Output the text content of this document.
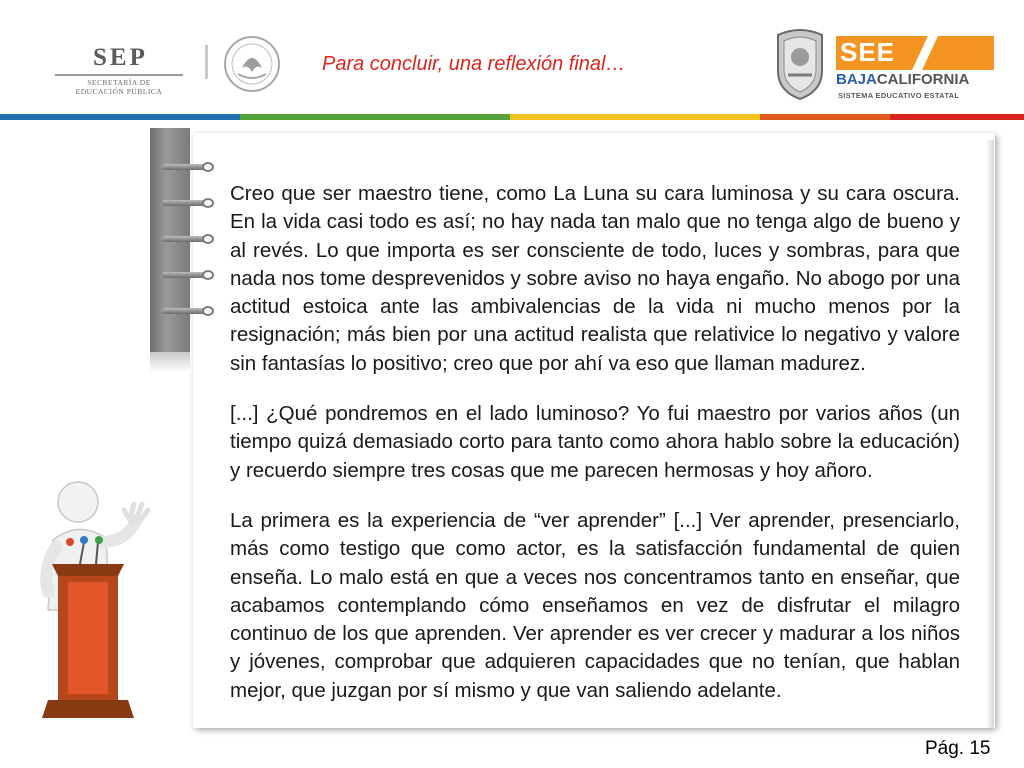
SEP
SECRETARÍA DE
EDUCACIÓN PÚBLICA
Para concluir, una reflexión final…	SEE
BAJACALIFORNIA
SISTEMA EDUCATIVO ESTATAL

Creo que ser maestro tiene, como La Luna su cara luminosa y su cara oscura. En la vida casi todo es así; no hay nada tan malo que no tenga algo de bueno y al revés. Lo que importa es ser consciente de todo, luces y sombras, para que nada nos tome desprevenidos y sobre aviso no haya engaño. No abogo por una actitud estoica ante las ambivalencias de la vida ni mucho menos por la resignación; más bien por una actitud realista que relativice lo negativo y valore sin fantasías lo positivo; creo que por ahí va eso que llaman madurez.

[...] ¿Qué pondremos en el lado luminoso? Yo fui maestro por varios años (un tiempo quizá demasiado corto para tanto como ahora hablo sobre la educación) y recuerdo siempre tres cosas que me parecen hermosas y hoy añoro.

La primera es la experiencia de “ver aprender” [...] Ver aprender, presenciarlo, más como testigo que como actor, es la satisfacción fundamental de quien enseña. Lo malo está en que a veces nos concentramos tanto en enseñar, que acabamos contemplando cómo enseñamos en vez de disfrutar el milagro continuo de los que aprenden. Ver aprender es ver crecer y madurar a los niños y jóvenes, comprobar que adquieren capacidades que no tenían, que hablan mejor, que juzgan por sí mismo y que van saliendo adelante.

Pág. 15
